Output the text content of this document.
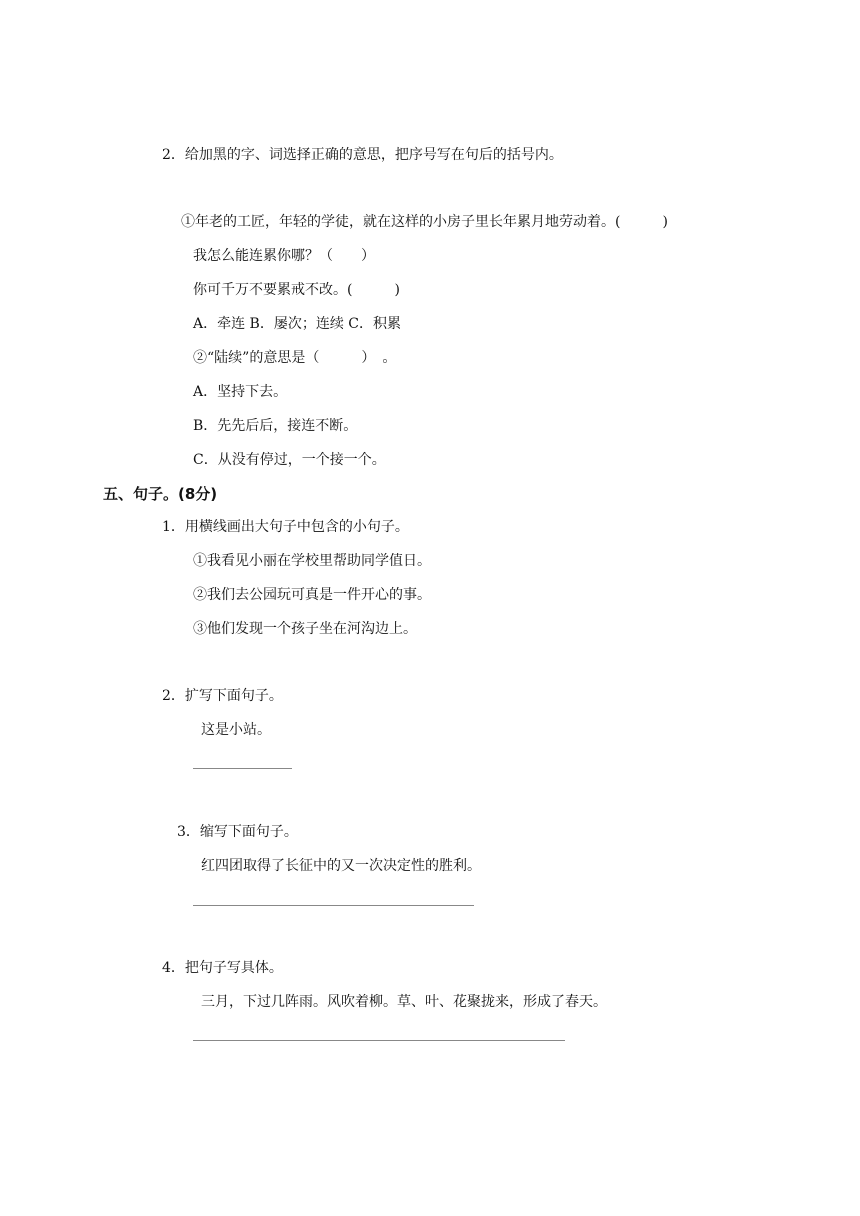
2．给加黑的字、词选择正确的意思，把序号写在句后的括号内。
①年老的工匠，年轻的学徒，就在这样的小房子里长年累月地劳动着。(　　　)
我怎么能连累你哪？（　　）
你可千万不要累戒不改。(　　　)
A．牵连 B．屡次；连续 C．积累
②“陆续”的意思是（　　　）　。
A．坚持下去。
B．先先后后，接连不断。
C．从没有停过，一个接一个。
五、句子。(8分)
1．用横线画出大句子中包含的小句子。
①我看见小丽在学校里帮助同学值日。
②我们去公园玩可真是一件开心的事。
③他们发现一个孩子坐在河沟边上。
2．扩写下面句子。
这是小站。
3．缩写下面句子。
红四团取得了长征中的又一次决定性的胜利。
4．把句子写具体。
三月，下过几阵雨。风吹着柳。草、叶、花聚拢来，形成了春天。
